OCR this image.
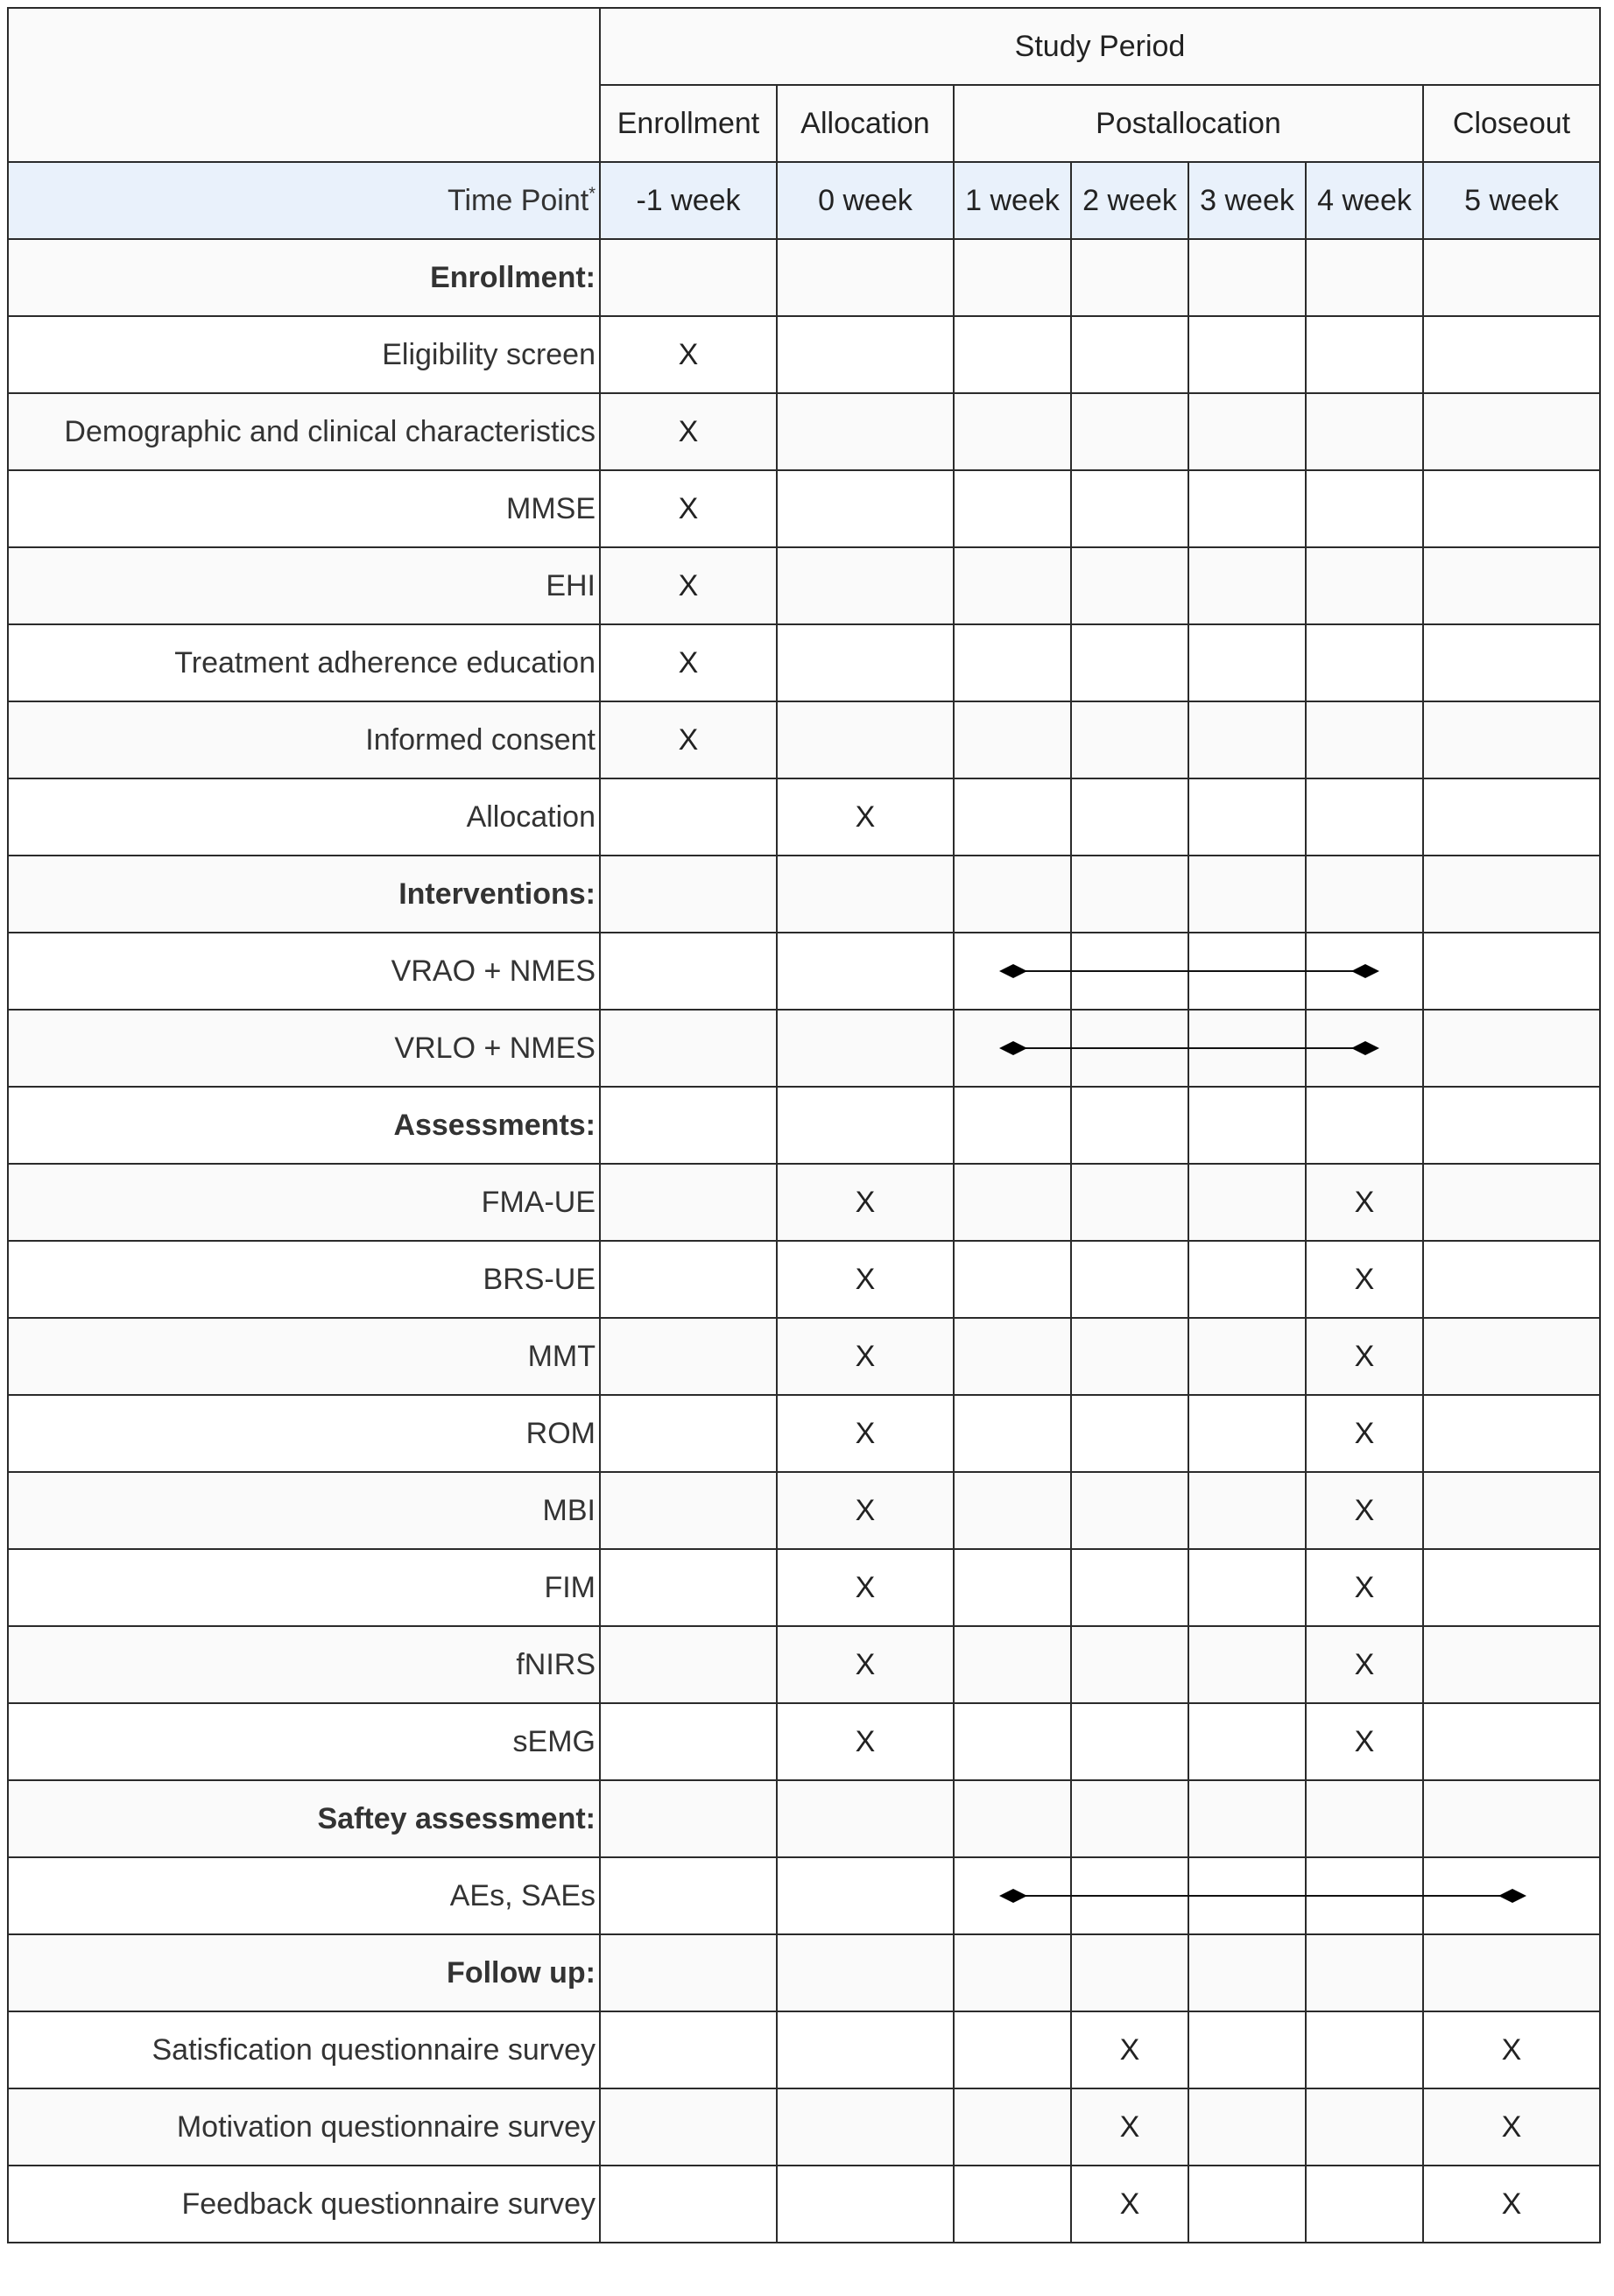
	Study Period						
	Enrollment	Allocation	Postallocation				Closeout
Time Point*	-1 week	0 week	1 week	2 week	3 week	4 week	5 week
Enrollment:							
Eligibility screen	X						
Demographic and clinical characteristics	X						
MMSE	X						
EHI	X						
Treatment adherence education	X						
Informed consent	X						
Allocation		X					
Interventions:							
VRAO + NMES			

VRLO + NMES			

Assessments:							
FMA-UE		X				X	
BRS-UE		X				X	
MMT		X				X	
ROM		X				X	
MBI		X				X	
FIM		X				X	
fNIRS		X				X	
sEMG		X				X	
Saftey assessment:							
AEs, SAEs			

Follow up:							
Satisfication questionnaire survey				X			X
Motivation questionnaire survey				X			X
Feedback questionnaire survey				X			X
